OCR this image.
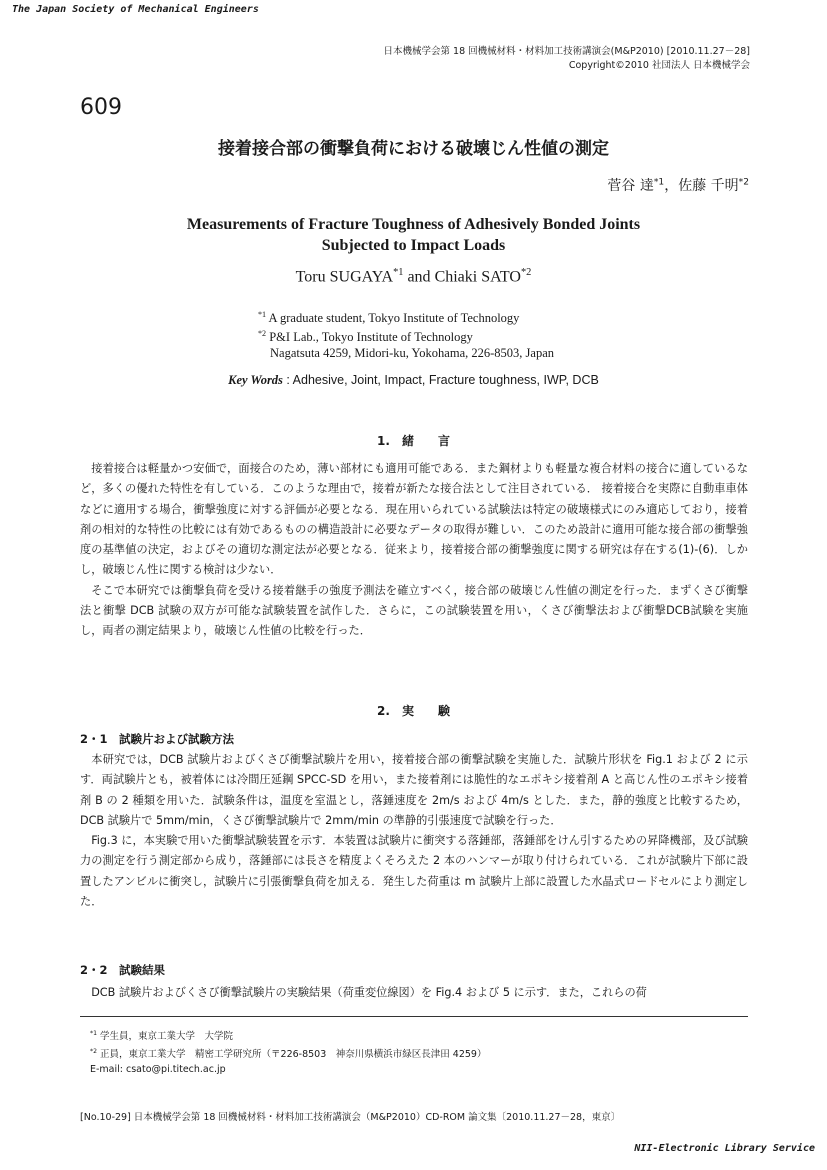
The Japan Society of Mechanical Engineers
日本機械学会第 18 回機械材料・材料加工技術講演会(M&P2010) [2010.11.27－28]
Copyright©2010 社団法人 日本機械学会
609
接着接合部の衝撃負荷における破壊じん性値の測定
菅谷 達$^{*1}$，佐藤 千明$^{*2}$
Measurements of Fracture Toughness of Adhesively Bonded Joints
Subjected to Impact Loads
Toru SUGAYA$^{*1}$ and Chiaki SATO$^{*2}$
$^{*1}$ A graduate student, Tokyo Institute of Technology
$^{*2}$ P&I Lab., Tokyo Institute of Technology
Nagatsuta 4259, Midori-ku, Yokohama, 226-8503, Japan
Key Words : Adhesive, Joint, Impact, Fracture toughness, IWP, DCB
1.　緒　　言

接着接合は軽量かつ安価で，面接合のため，薄い部材にも適用可能である．また鋼材よりも軽量な複合材料の接合に適しているなど，多くの優れた特性を有している．このような理由で，接着が新たな接合法として注目されている． 接着接合を実際に自動車車体などに適用する場合，衝撃強度に対する評価が必要となる．現在用いられている試験法は特定の破壊様式にのみ適応しており，接着剤の相対的な特性の比較には有効であるものの構造設計に必要なデータの取得が難しい．このため設計に適用可能な接合部の衝撃強度の基準値の決定，およびその適切な測定法が必要となる．従来より，接着接合部の衝撃強度に関する研究は存在する(1)-(6)．しかし，破壊じん性に関する検討は少ない．

そこで本研究では衝撃負荷を受ける接着継手の強度予測法を確立すべく，接合部の破壊じん性値の測定を行った．まずくさび衝撃法と衝撃 DCB 試験の双方が可能な試験装置を試作した．さらに，この試験装置を用い，くさび衝撃法および衝撃DCB試験を実施し，両者の測定結果より，破壊じん性値の比較を行った．

2.　実　　験
2・1　試験片および試験方法

本研究では，DCB 試験片およびくさび衝撃試験片を用い，接着接合部の衝撃試験を実施した．試験片形状を Fig.1 および 2 に示す．両試験片とも，被着体には冷間圧延鋼 SPCC-SD を用い，また接着剤には脆性的なエポキシ接着剤 A と高じん性のエポキシ接着剤 B の 2 種類を用いた．試験条件は，温度を室温とし，落錘速度を 2m/s および 4m/s とした．また，静的強度と比較するため，DCB 試験片で 5mm/min，くさび衝撃試験片で 2mm/min の準静的引張速度で試験を行った．

Fig.3 に，本実験で用いた衝撃試験装置を示す．本装置は試験片に衝突する落錘部，落錘部をけん引するための昇降機部，及び試験力の測定を行う測定部から成り，落錘部には長さを精度よくそろえた 2 本のハンマーが取り付けられている．これが試験片下部に設置したアンビルに衝突し，試験片に引張衝撃負荷を加える．発生した荷重は m 試験片上部に設置した水晶式ロードセルにより測定した．

2・2　試験結果

DCB 試験片およびくさび衝撃試験片の実験結果（荷重変位線図）を Fig.4 および 5 に示す．また，これらの荷

$^{*1}$ 学生員，東京工業大学　大学院
$^{*2}$ 正員，東京工業大学　精密工学研究所（〒226-8503　神奈川県横浜市緑区長津田 4259）
E-mail: csato@pi.titech.ac.jp
[No.10-29] 日本機械学会第 18 回機械材料・材料加工技術講演会（M&P2010）CD-ROM 論文集〔2010.11.27－28，東京〕
NII-Electronic Library Service
